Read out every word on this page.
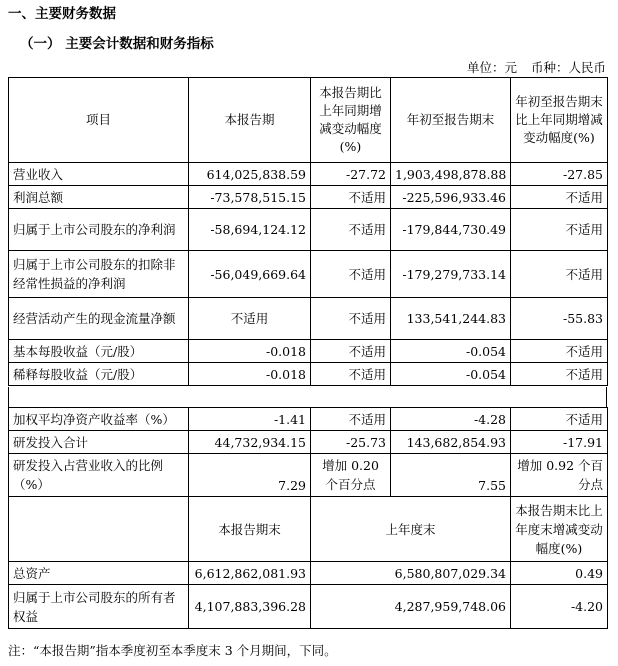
一、主要财务数据
（一） 主要会计数据和财务指标
单位：元 币种：人民币
项目	本报告期	本报告期比上年同期增减变动幅度(%)	年初至报告期末	年初至报告期末比上年同期增减变动幅度(%)
营业收入	614,025,838.59	-27.72	1,903,498,878.88	-27.85
利润总额	-73,578,515.15	不适用	-225,596,933.46	不适用
归属于上市公司股东的净利润	-58,694,124.12	不适用	-179,844,730.49	不适用
归属于上市公司股东的扣除非经常性损益的净利润	-56,049,669.64	不适用	-179,279,733.14	不适用
经营活动产生的现金流量净额	不适用	不适用	133,541,244.83	-55.83
基本每股收益（元/股）	-0.018	不适用	-0.054	不适用
稀释每股收益（元/股）	-0.018	不适用	-0.054	不适用
加权平均净资产收益率（%）	-1.41	不适用	-4.28	不适用
研发投入合计	44,732,934.15	-25.73	143,682,854.93	-17.91
研发投入占营业收入的比例（%）	7.29	增加 0.20 个百分点	7.55	增加 0.92 个百分点
	本报告期末	上年度末		本报告期末比上年度末增减变动幅度(%)
总资产	6,612,862,081.93	6,580,807,029.34		0.49
归属于上市公司股东的所有者权益	4,107,883,396.28	4,287,959,748.06		-4.20
注：“本报告期”指本季度初至本季度末 3 个月期间，下同。
